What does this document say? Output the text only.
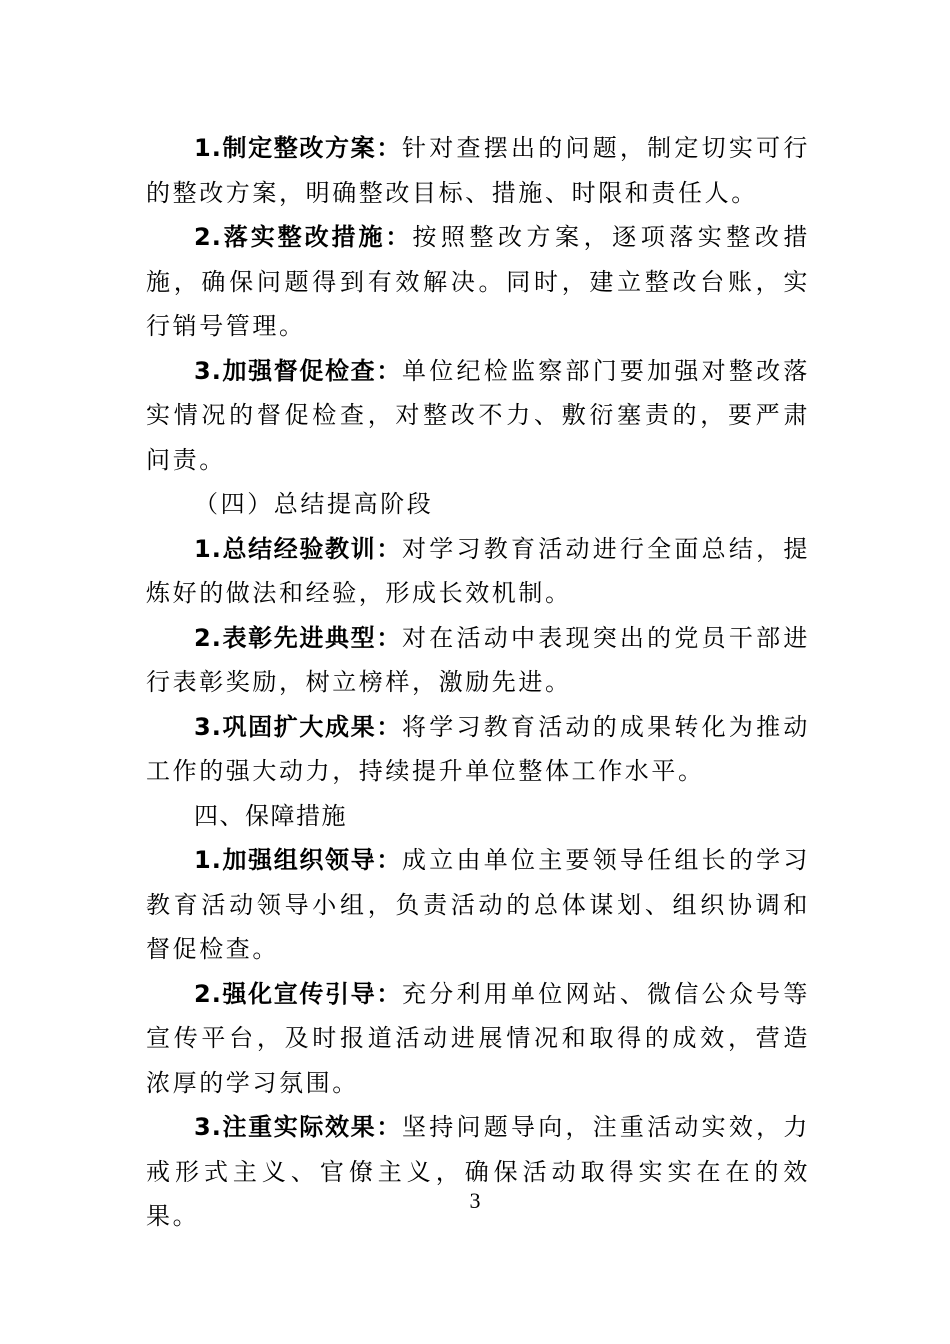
1.制定整改方案：针对查摆出的问题，制定切实可行的整改方案，明确整改目标、措施、时限和责任人。

2.落实整改措施：按照整改方案，逐项落实整改措施，确保问题得到有效解决。同时，建立整改台账，实行销号管理。

3.加强督促检查：单位纪检监察部门要加强对整改落实情况的督促检查，对整改不力、敷衍塞责的，要严肃问责。

（四）总结提高阶段

1.总结经验教训：对学习教育活动进行全面总结，提炼好的做法和经验，形成长效机制。

2.表彰先进典型：对在活动中表现突出的党员干部进行表彰奖励，树立榜样，激励先进。

3.巩固扩大成果：将学习教育活动的成果转化为推动工作的强大动力，持续提升单位整体工作水平。

四、保障措施

1.加强组织领导：成立由单位主要领导任组长的学习教育活动领导小组，负责活动的总体谋划、组织协调和督促检查。

2.强化宣传引导：充分利用单位网站、微信公众号等宣传平台，及时报道活动进展情况和取得的成效，营造浓厚的学习氛围。

3.注重实际效果：坚持问题导向，注重活动实效，力戒形式主义、官僚主义，确保活动取得实实在在的效果。

3
